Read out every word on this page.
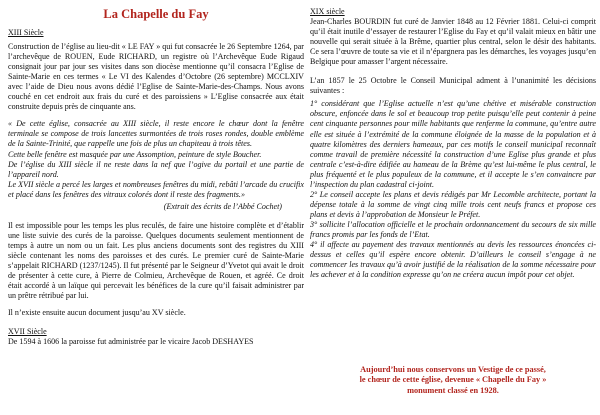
La Chapelle du Fay

XIII Siècle

Construction de l’église au lieu-dit « LE FAY » qui fut consacrée le 26 Septembre 1264, par l’archevêque de ROUEN, Eude RICHARD, un registre où l’Archevêque Eude Rigaud consignait jour par jour ses visites dans son diocèse mentionne qu’il consacra l’Eglise de Sainte-Marie en ces termes « Le VI des Kalendes d’Octobre (26 septembre) MCCLXIV avec l’aide de Dieu nous avons dédié l’Eglise de Sainte-Marie-des-Champs. Nous avons couché en cet endroit aux frais du curé et des paroissiens » L’Eglise consacrée aux était construite depuis près de cinquante ans.

« De cette église, consacrée au XIII siècle, il reste encore le chœur dont la fenêtre terminale se compose de trois lancettes surmontées de trois roses rondes, double emblème de la Sainte-Trinité, que rappelle une fois de plus un chapiteau à trois têtes.

Cette belle fenêtre est masquée par une Assomption, peinture de style Boucher.

De l’église du XIII siècle il ne reste dans la nef que l’ogive du portail et une partie de l’appareil nord.

Le XVII siècle a percé les larges et nombreuses fenêtres du midi, rebâti l’arcade du crucifix et placé dans les fenêtres des vitraux colorés dont il reste des fragments.»

(Extrait des écrits de l’Abbé Cochet)

Il est impossible pour les temps les plus reculés, de faire une histoire complète et d’établir une liste suivie des curés de la paroisse. Quelques documents seulement mentionnent de temps à autre un nom ou un fait. Les plus anciens documents sont des registres du XIII siècle contenant les noms des paroisses et des curés. Le premier curé de Sainte-Marie s’appelait RICHARD (1237/1245). Il fut présenté par le Seigneur d’Yvetot qui avait le droit de présenter à cette cure, à Pierre de Colmieu, Archevêque de Rouen, et agréé. Ce droit était accordé à un laïque qui percevait les bénéfices de la cure qu’il faisait administrer par un prêtre rétribué par lui.

Il n’existe ensuite aucun document jusqu’au XV siècle.

XVII Siècle

De 1594 à 1606 la paroisse fut administrée par le vicaire Jacob DESHAYES

XIX siècle

Jean-Charles BOURDIN fut curé de Janvier 1848 au 12 Février 1881. Celui-ci comprit qu’il était inutile d’essayer de restaurer l’Eglise du Fay et qu’il valait mieux en bâtir une nouvelle qui serait située à la Brême, quartier plus central, selon le désir des habitants. Ce sera l’œuvre de toute sa vie et il n’épargnera pas les démarches, les voyages jusqu’en Belgique pour amasser l’argent nécessaire.

L’an 1857 le 25 Octobre le Conseil Municipal adment à l’unanimité les décisions suivantes :

1° considérant que l’Eglise actuelle n’est qu’une chétive et misérable construction obscure, enfoncée dans le sol et beaucoup trop petite puisqu’elle peut contenir à peine cent cinquante personnes pour mille habitants que renferme la commune, qu’entre autre elle est située à l’extrémité de la commune éloignée de la masse de la population et à quatre kilomètres des derniers hameaux, par ces motifs le conseil municipal reconnaît comme travail de première nécessité la construction d’une Eglise plus grande et plus centrale c’est-à-dire édifiée au hameau de la Brème qu’est lui-même le plus central, le plus fréquenté et le plus populeux de la commune, et il accepte le s’en convaincre par l’inspection du plan cadastral ci-joint.

2° Le conseil accepte les plans et devis rédigés par Mr Lecomble architecte, portant la dépense totale à la somme de vingt cinq mille trois cent neufs francs et propose ces plans et devis à l’approbation de Monsieur le Préfet.

3° sollicite l’allocation officielle et le prochain ordonnancement du secours de six mille francs promis par les fonds de l’Etat.

4° il affecte au payement des travaux mentionnés au devis les ressources énoncées ci-dessus et celles qu’il espère encore obtenir. D’ailleurs le conseil s’engage à ne commencer les travaux qu’à avoir justifié de la réalisation de la somme nécessaire pour les achever et à la condition expresse qu’on ne créera aucun impôt pour cet objet.

Aujourd’hui nous conservons un Vestige de ce passé,
le chœur de cette église, devenue « Chapelle du Fay »
monument classé en 1928.
